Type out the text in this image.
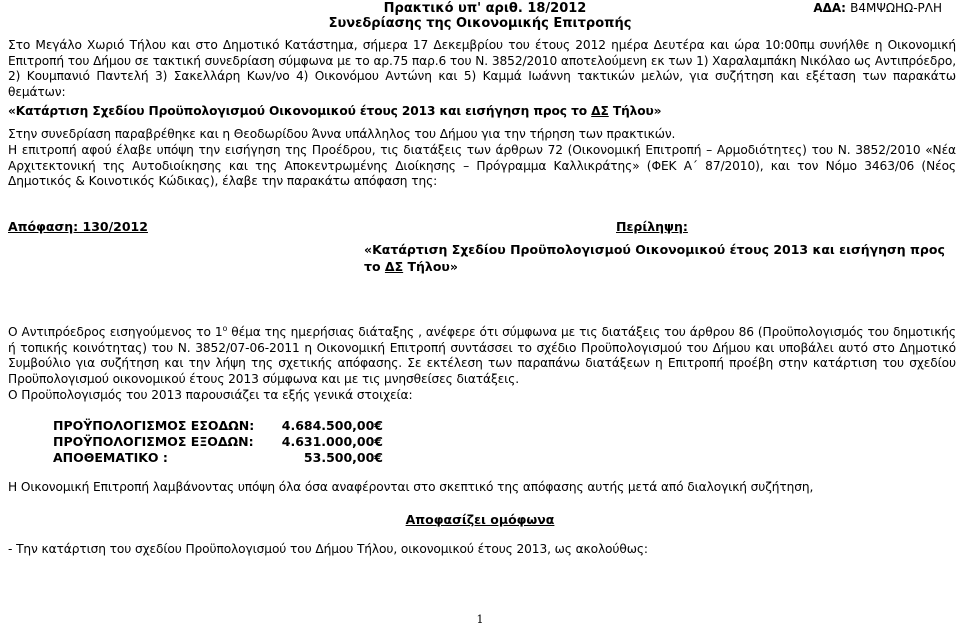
Πρακτικό υπ' αριθ. 18/2012
Συνεδρίασης της Οικονομικής Επιτροπής
ΑΔΑ: Β4ΜΨΩΗΩ-ΡΛΗ
Στο Μεγάλο Χωριό Τήλου και στο Δημοτικό Κατάστημα, σήμερα 17 Δεκεμβρίου του έτους 2012 ημέρα Δευτέρα και ώρα 10:00πμ συνήλθε η Οικονομική Επιτροπή του Δήμου σε τακτική συνεδρίαση σύμφωνα με το αρ.75 παρ.6 του Ν. 3852/2010 αποτελούμενη εκ των 1) Χαραλαμπάκη Νικόλαο ως Αντιπρόεδρο, 2) Κουμπανιό Παντελή 3) Σακελλάρη Κων/νο 4) Οικονόμου Αντώνη και 5) Καμμά Ιωάννη τακτικών μελών, για συζήτηση και εξέταση των παρακάτω θεμάτων:
«Κατάρτιση Σχεδίου Προϋπολογισμού Οικονομικού έτους 2013 και εισήγηση προς το ΔΣ Τήλου»
Στην συνεδρίαση παραβρέθηκε και η Θεοδωρίδου Άννα υπάλληλος του Δήμου για την τήρηση των πρακτικών.
Η επιτροπή αφού έλαβε υπόψη την εισήγηση της Προέδρου, τις διατάξεις των άρθρων 72 (Οικονομική Επιτροπή – Αρμοδιότητες) του Ν. 3852/2010 «Νέα Αρχιτεκτονική της Αυτοδιοίκησης και της Αποκεντρωμένης Διοίκησης – Πρόγραμμα Καλλικράτης» (ΦΕΚ Α΄ 87/2010), και τον Νόμο 3463/06 (Νέος Δημοτικός & Κοινοτικός Κώδικας), έλαβε την παρακάτω απόφαση της:
Απόφαση: 130/2012	Περίληψη:
«Κατάρτιση Σχεδίου Προϋπολογισμού Οικονομικού έτους 2013 και εισήγηση προς το ΔΣ Τήλου»
Ο Αντιπρόεδρος εισηγούμενος το $1^o$ θέμα της ημερήσιας διάταξης , ανέφερε ότι σύμφωνα με τις διατάξεις του άρθρου 86 (Προϋπολογισμός του δημοτικής ή τοπικής κοινότητας) του Ν. 3852/07-06-2011 η Οικονομική Επιτροπή συντάσσει το σχέδιο Προϋπολογισμού του Δήμου και υποβάλει αυτό στο Δημοτικό Συμβούλιο για συζήτηση και την λήψη της σχετικής απόφασης. Σε εκτέλεση των παραπάνω διατάξεων η Επιτροπή προέβη στην κατάρτιση του σχεδίου Προϋπολογισμού οικονομικού έτους 2013 σύμφωνα και με τις μνησθείσες διατάξεις.
Ο Προϋπολογισμός του 2013 παρουσιάζει τα εξής γενικά στοιχεία:
ΠΡΟΫΠΟΛΟΓΙΣΜΟΣ ΕΣΟΔΩΝ:	4.684.500,00€
ΠΡΟΫΠΟΛΟΓΙΣΜΟΣ ΕΞΟΔΩΝ:	4.631.000,00€
ΑΠΟΘΕΜΑΤΙΚΟ :	53.500,00€
Η Οικονομική Επιτροπή λαμβάνοντας υπόψη όλα όσα αναφέρονται στο σκεπτικό της απόφασης αυτής μετά από διαλογική συζήτηση,
Αποφασίζει ομόφωνα
- Την κατάρτιση του σχεδίου Προϋπολογισμού του Δήμου Τήλου, οικονομικού έτους 2013, ως ακολούθως:
1
